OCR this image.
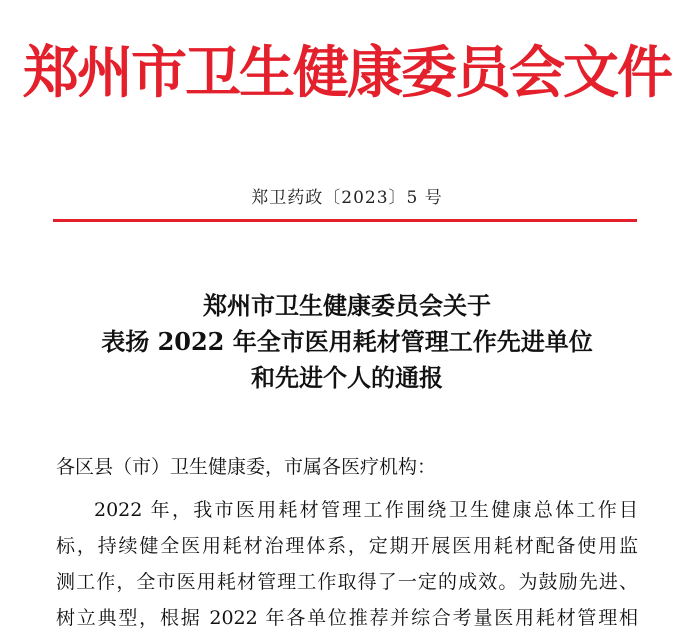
郑州市卫生健康委员会文件
郑卫药政〔2023〕5 号
郑州市卫生健康委员会关于
表扬 2022 年全市医用耗材管理工作先进单位
和先进个人的通报
各区县（市）卫生健康委，市属各医疗机构：
2022 年，我市医用耗材管理工作围绕卫生健康总体工作目
标，持续健全医用耗材治理体系，定期开展医用耗材配备使用监
测工作，全市医用耗材管理工作取得了一定的成效。为鼓励先进、
树立典型，根据 2022 年各单位推荐并综合考量医用耗材管理相
